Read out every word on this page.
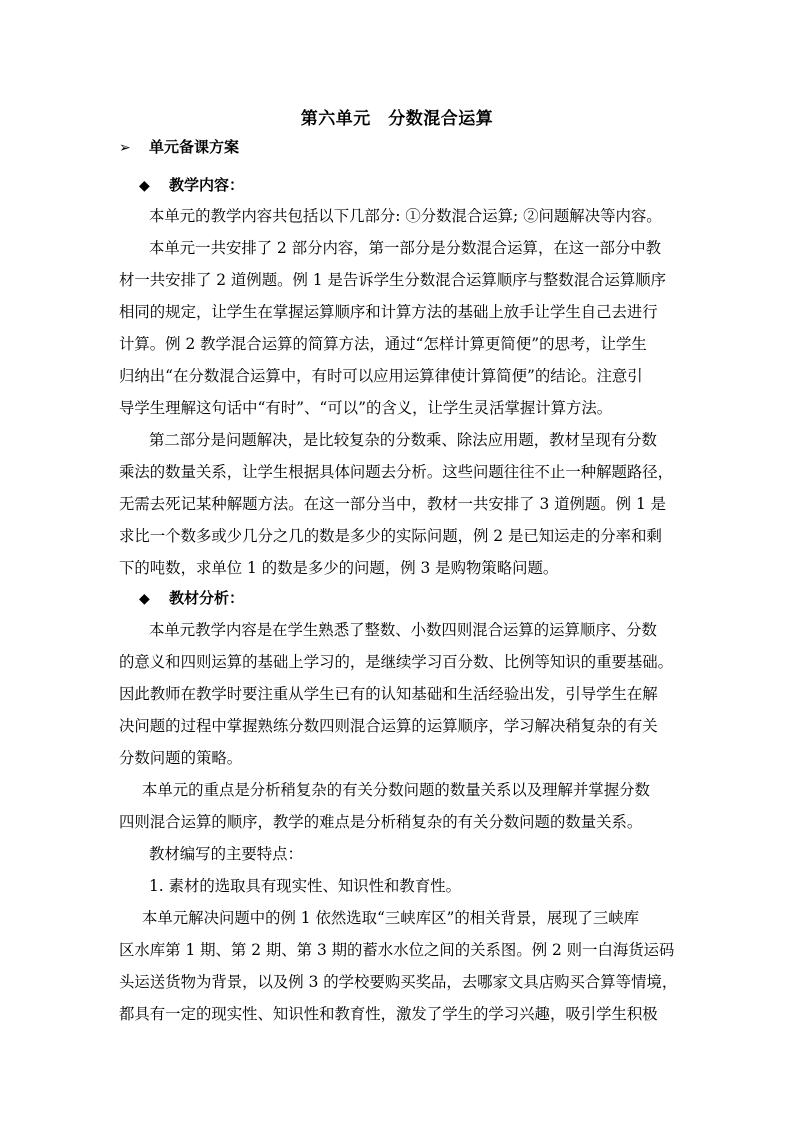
第六单元　分数混合运算

➢ 单元备课方案

◆ 教学内容：

本单元的教学内容共包括以下几部分: ①分数混合运算; ②问题解决等内容。

本单元一共安排了 2 部分内容，第一部分是分数混合运算，在这一部分中教

材一共安排了 2 道例题。例 1 是告诉学生分数混合运算顺序与整数混合运算顺序

相同的规定，让学生在掌握运算顺序和计算方法的基础上放手让学生自己去进行

计算。例 2 教学混合运算的简算方法，通过“怎样计算更简便”的思考，让学生

归纳出“在分数混合运算中，有时可以应用运算律使计算简便”的结论。注意引

导学生理解这句话中“有时”、“可以”的含义，让学生灵活掌握计算方法。

第二部分是问题解决，是比较复杂的分数乘、除法应用题，教材呈现有分数

乘法的数量关系，让学生根据具体问题去分析。这些问题往往不止一种解题路径，

无需去死记某种解题方法。在这一部分当中，教材一共安排了 3 道例题。例 1 是

求比一个数多或少几分之几的数是多少的实际问题，例 2 是已知运走的分率和剩

下的吨数，求单位 1 的数是多少的问题，例 3 是购物策略问题。

◆ 教材分析：

本单元教学内容是在学生熟悉了整数、小数四则混合运算的运算顺序、分数

的意义和四则运算的基础上学习的，是继续学习百分数、比例等知识的重要基础。

因此教师在教学时要注重从学生已有的认知基础和生活经验出发，引导学生在解

决问题的过程中掌握熟练分数四则混合运算的运算顺序，学习解决稍复杂的有关

分数问题的策略。

本单元的重点是分析稍复杂的有关分数问题的数量关系以及理解并掌握分数

四则混合运算的顺序，教学的难点是分析稍复杂的有关分数问题的数量关系。

教材编写的主要特点：

1. 素材的选取具有现实性、知识性和教育性。

本单元解决问题中的例 1 依然选取“三峡库区”的相关背景，展现了三峡库

区水库第 1 期、第 2 期、第 3 期的蓄水水位之间的关系图。例 2 则一白海货运码

头运送货物为背景，以及例 3 的学校要购买奖品，去哪家文具店购买合算等情境，

都具有一定的现实性、知识性和教育性，激发了学生的学习兴趣，吸引学生积极
